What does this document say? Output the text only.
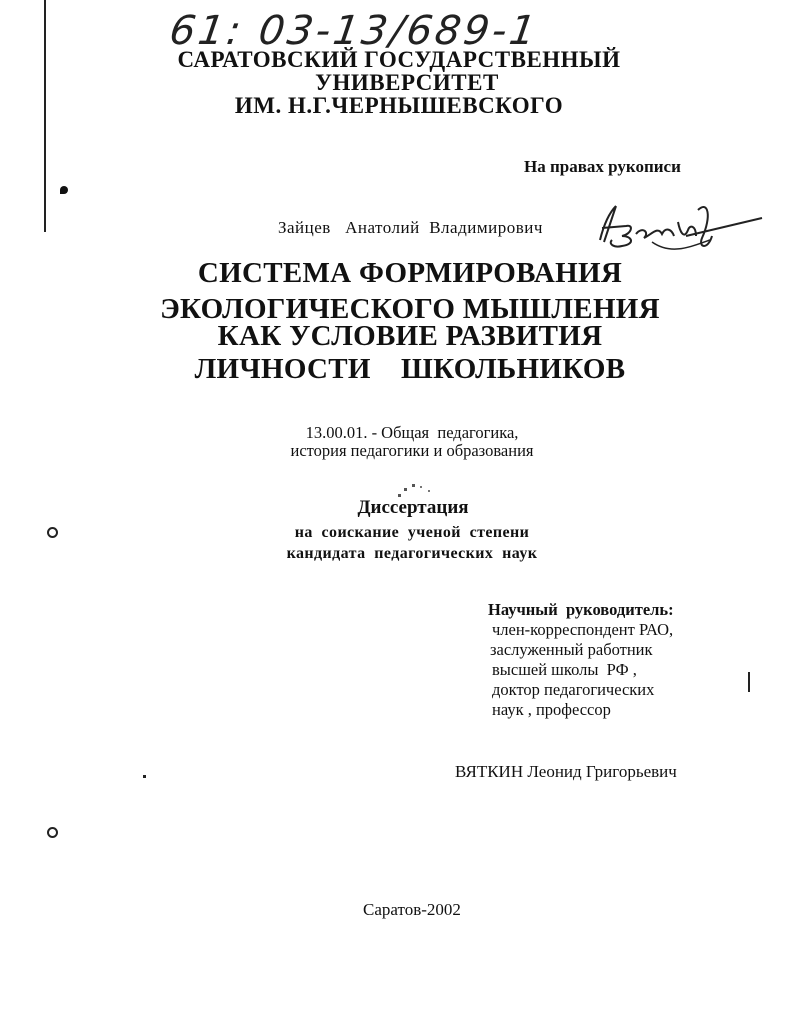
61: 03-13/689-1
САРАТОВСКИЙ ГОСУДАРСТВЕННЫЙ
УНИВЕРСИТЕТ
ИМ. Н.Г.ЧЕРНЫШЕВСКОГО
На правах рукописи
Зайцев   Анатолий  Владимирович
СИСТЕМА ФОРМИРОВАНИЯ
ЭКОЛОГИЧЕСКОГО МЫШЛЕНИЯ
КАК УСЛОВИЕ РАЗВИТИЯ
ЛИЧНОСТИ    ШКОЛЬНИКОВ
13.00.01. - Общая  педагогика,
история педагогики и образования
Диссертация
на  соискание  ученой  степени
кандидата  педагогических  наук
Научный  руководитель:
член-корреспондент РАО,
заслуженный работник
высшей школы  РФ ,
доктор педагогических
наук , профессор
ВЯТКИН Леонид Григорьевич
Саратов-2002
